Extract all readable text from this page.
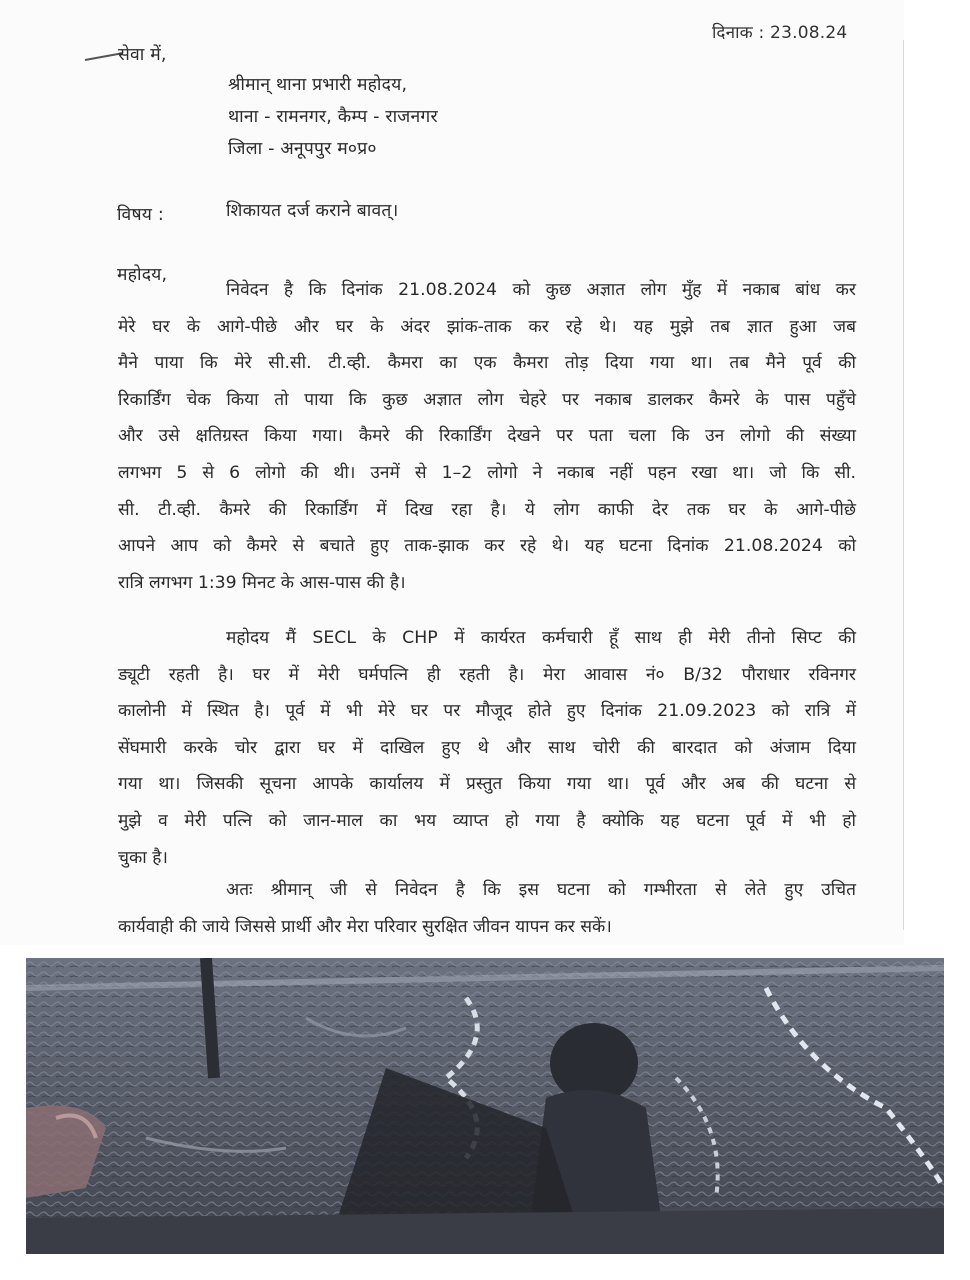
दिनाक : 23.08.24
सेवा में,
श्रीमान् थाना प्रभारी महोदय,
थाना - रामनगर, कैम्प - राजनगर
जिला - अनूपपुर म०प्र०
विषय :	शिकायत दर्ज कराने बावत्।
महोदय,
निवेदन है कि दिनांक 21.08.2024 को कुछ अज्ञात लोग मुँह में नकाब बांध कर
मेरे घर के आगे-पीछे और घर के अंदर झांक-ताक कर रहे थे। यह मुझे तब ज्ञात हुआ जब
मैने पाया कि मेरे सी.सी. टी.व्ही. कैमरा का एक कैमरा तोड़ दिया गया था। तब मैने पूर्व की
रिकार्डिंग चेक किया तो पाया कि कुछ अज्ञात लोग चेहरे पर नकाब डालकर कैमरे के पास पहुँचे
और उसे क्षतिग्रस्त किया गया। कैमरे की रिकार्डिंग देखने पर पता चला कि उन लोगो की संख्या
लगभग 5 से 6 लोगो की थी। उनमें से 1–2 लोगो ने नकाब नहीं पहन रखा था। जो कि सी.
सी. टी.व्ही. कैमरे की रिकार्डिंग में दिख रहा है। ये लोग काफी देर तक घर के आगे-पीछे
आपने आप को कैमरे से बचाते हुए ताक-झाक कर रहे थे। यह घटना दिनांक 21.08.2024 को
रात्रि लगभग 1:39 मिनट के आस-पास की है।
महोदय मैं SECL के CHP में कार्यरत कर्मचारी हूँ साथ ही मेरी तीनो सिप्ट की
ड्यूटी रहती है। घर में मेरी घर्मपत्नि ही रहती है। मेरा आवास नं० B/32 पौराधार रविनगर
कालोनी में स्थित है। पूर्व में भी मेरे घर पर मौजूद होते हुए दिनांक 21.09.2023 को रात्रि में
सेंघमारी करके चोर द्वारा घर में दाखिल हुए थे और साथ चोरी की बारदात को अंजाम दिया
गया था। जिसकी सूचना आपके कार्यालय में प्रस्तुत किया गया था। पूर्व और अब की घटना से
मुझे व मेरी पत्नि को जान-माल का भय व्याप्त हो गया है क्योकि यह घटना पूर्व में भी हो
चुका है।
अतः श्रीमान् जी से निवेदन है कि इस घटना को गम्भीरता से लेते हुए उचित
कार्यवाही की जाये जिससे प्रार्थी और मेरा परिवार सुरक्षित जीवन यापन कर सकें।
